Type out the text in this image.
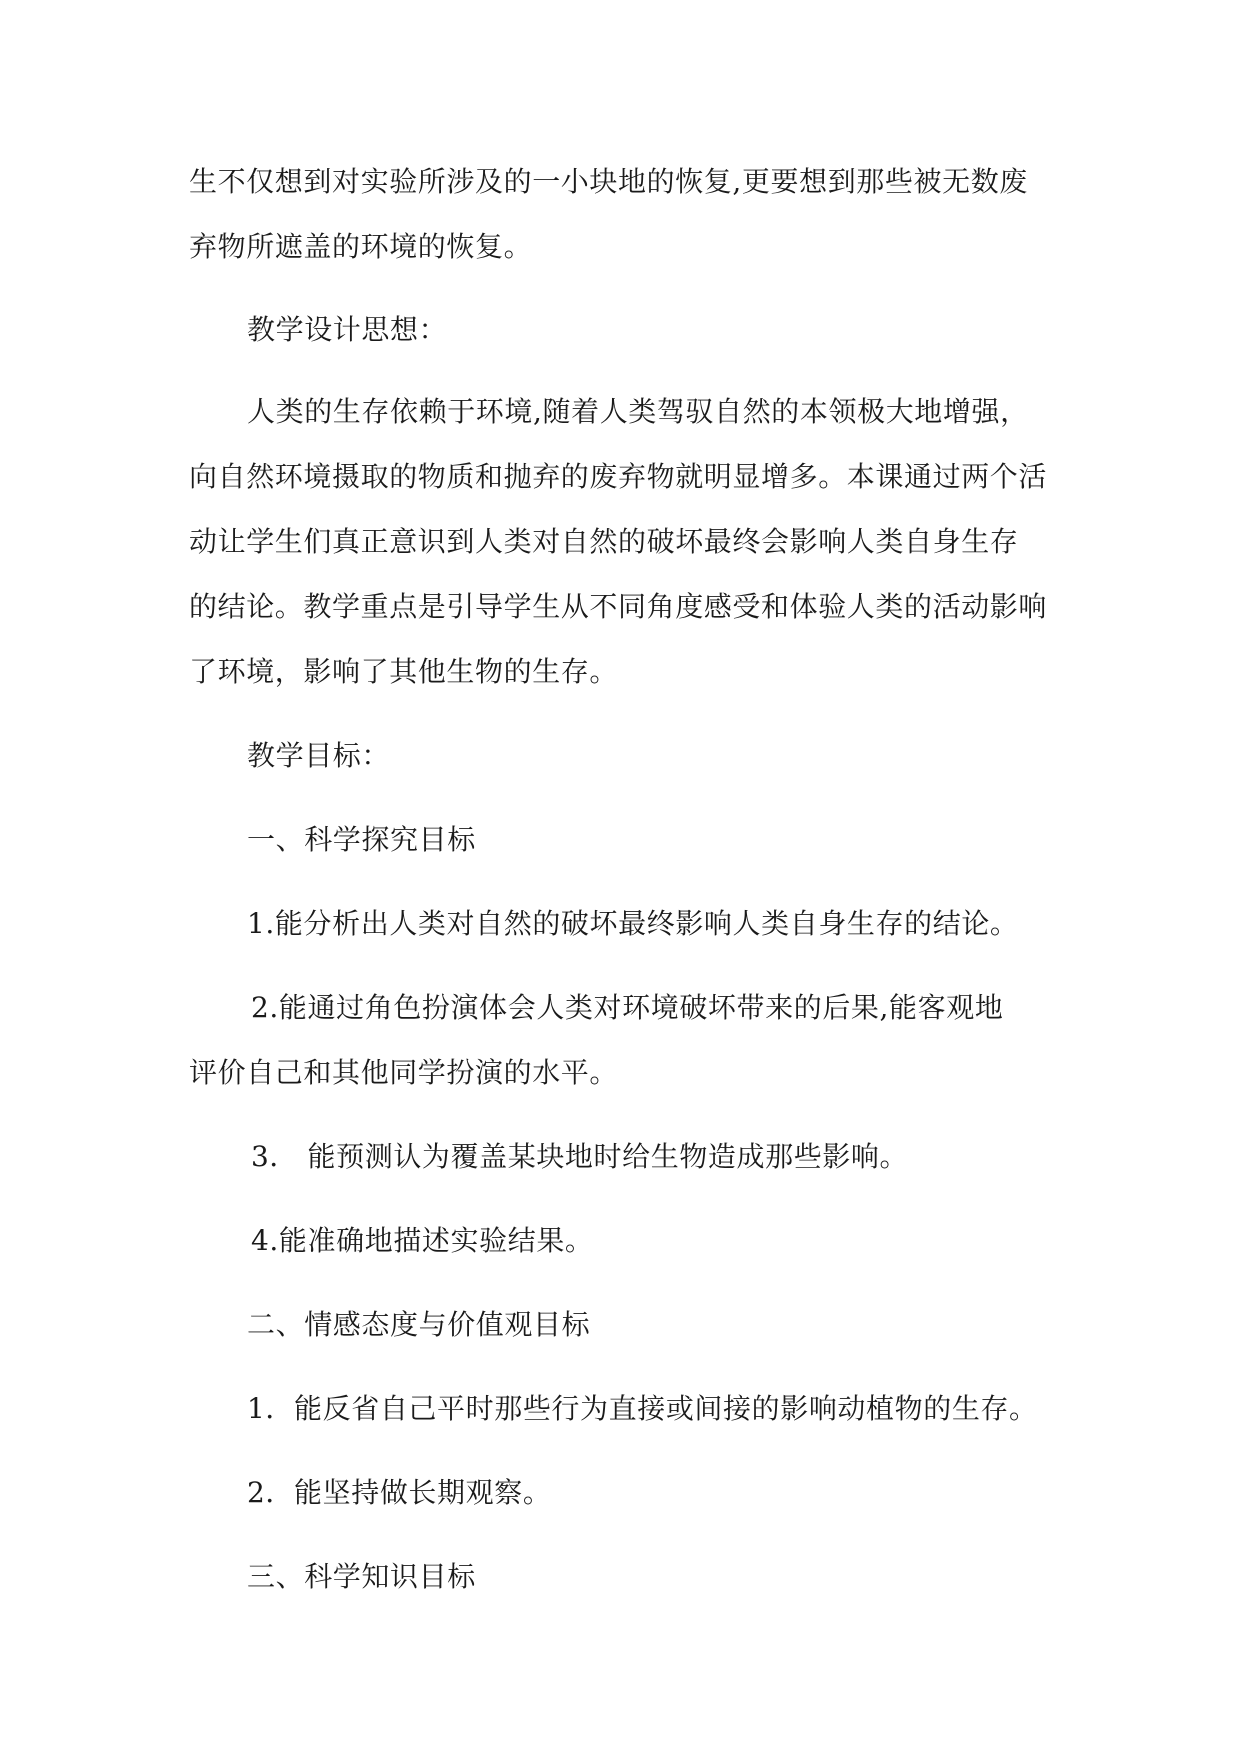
生不仅想到对实验所涉及的一小块地的恢复,更要想到那些被无数废

弃物所遮盖的环境的恢复。

教学设计思想：

人类的生存依赖于环境,随着人类驾驭自然的本领极大地增强，

向自然环境摄取的物质和抛弃的废弃物就明显增多。本课通过两个活

动让学生们真正意识到人类对自然的破坏最终会影响人类自身生存

的结论。教学重点是引导学生从不同角度感受和体验人类的活动影响

了环境，影响了其他生物的生存。

教学目标：

一、科学探究目标

1.能分析出人类对自然的破坏最终影响人类自身生存的结论。

2.能通过角色扮演体会人类对环境破坏带来的后果,能客观地

评价自己和其他同学扮演的水平。

3． 能预测认为覆盖某块地时给生物造成那些影响。

4.能准确地描述实验结果。

二、情感态度与价值观目标

1．能反省自己平时那些行为直接或间接的影响动植物的生存。

2．能坚持做长期观察。

三、科学知识目标
